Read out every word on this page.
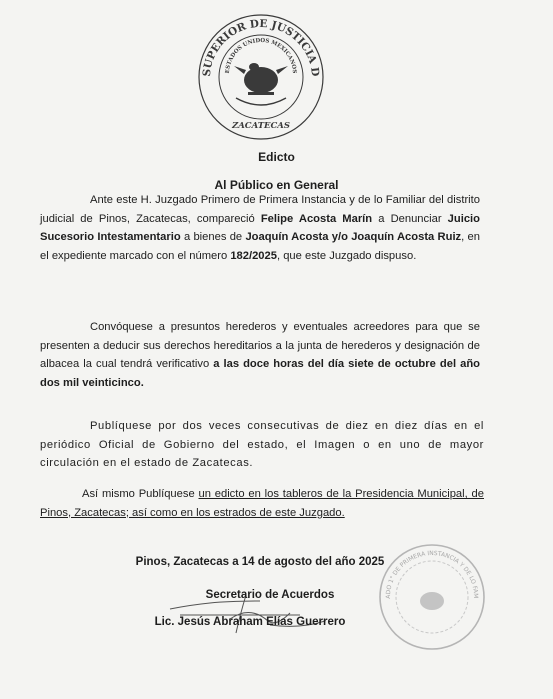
SUPERIOR DE JUSTICIA D
ESTADOS UNIDOS MEXICANOS
ZACATECAS
Edicto
Al Público en General
Ante este H. Juzgado Primero de Primera Instancia y de lo Familiar del distrito judicial de Pinos, Zacatecas, compareció Felipe Acosta Marín a Denunciar Juicio Sucesorio Intestamentario a bienes de Joaquín Acosta y/o Joaquín Acosta Ruiz, en el expediente marcado con el número 182/2025, que este Juzgado dispuso.
Convóquese a presuntos herederos y eventuales acreedores para que se presenten a deducir sus derechos hereditarios a la junta de herederos y designación de albacea la cual tendrá verificativo a las doce horas del día siete de octubre del año dos mil veinticinco.
Publíquese por dos veces consecutivas de diez en diez días en el periódico Oficial de Gobierno del estado, el Imagen o en uno de mayor circulación en el estado de Zacatecas.
Así mismo Publíquese un edicto en los tableros de la Presidencia Municipal, de Pinos, Zacatecas; así como en los estrados de este Juzgado.
Pinos, Zacatecas a 14 de agosto del año 2025
Secretario de Acuerdos
Lic. Jesús Abraham Elías Guerrero
ADO 1° DE PRIMERA INSTANCIA Y DE LO FAM
